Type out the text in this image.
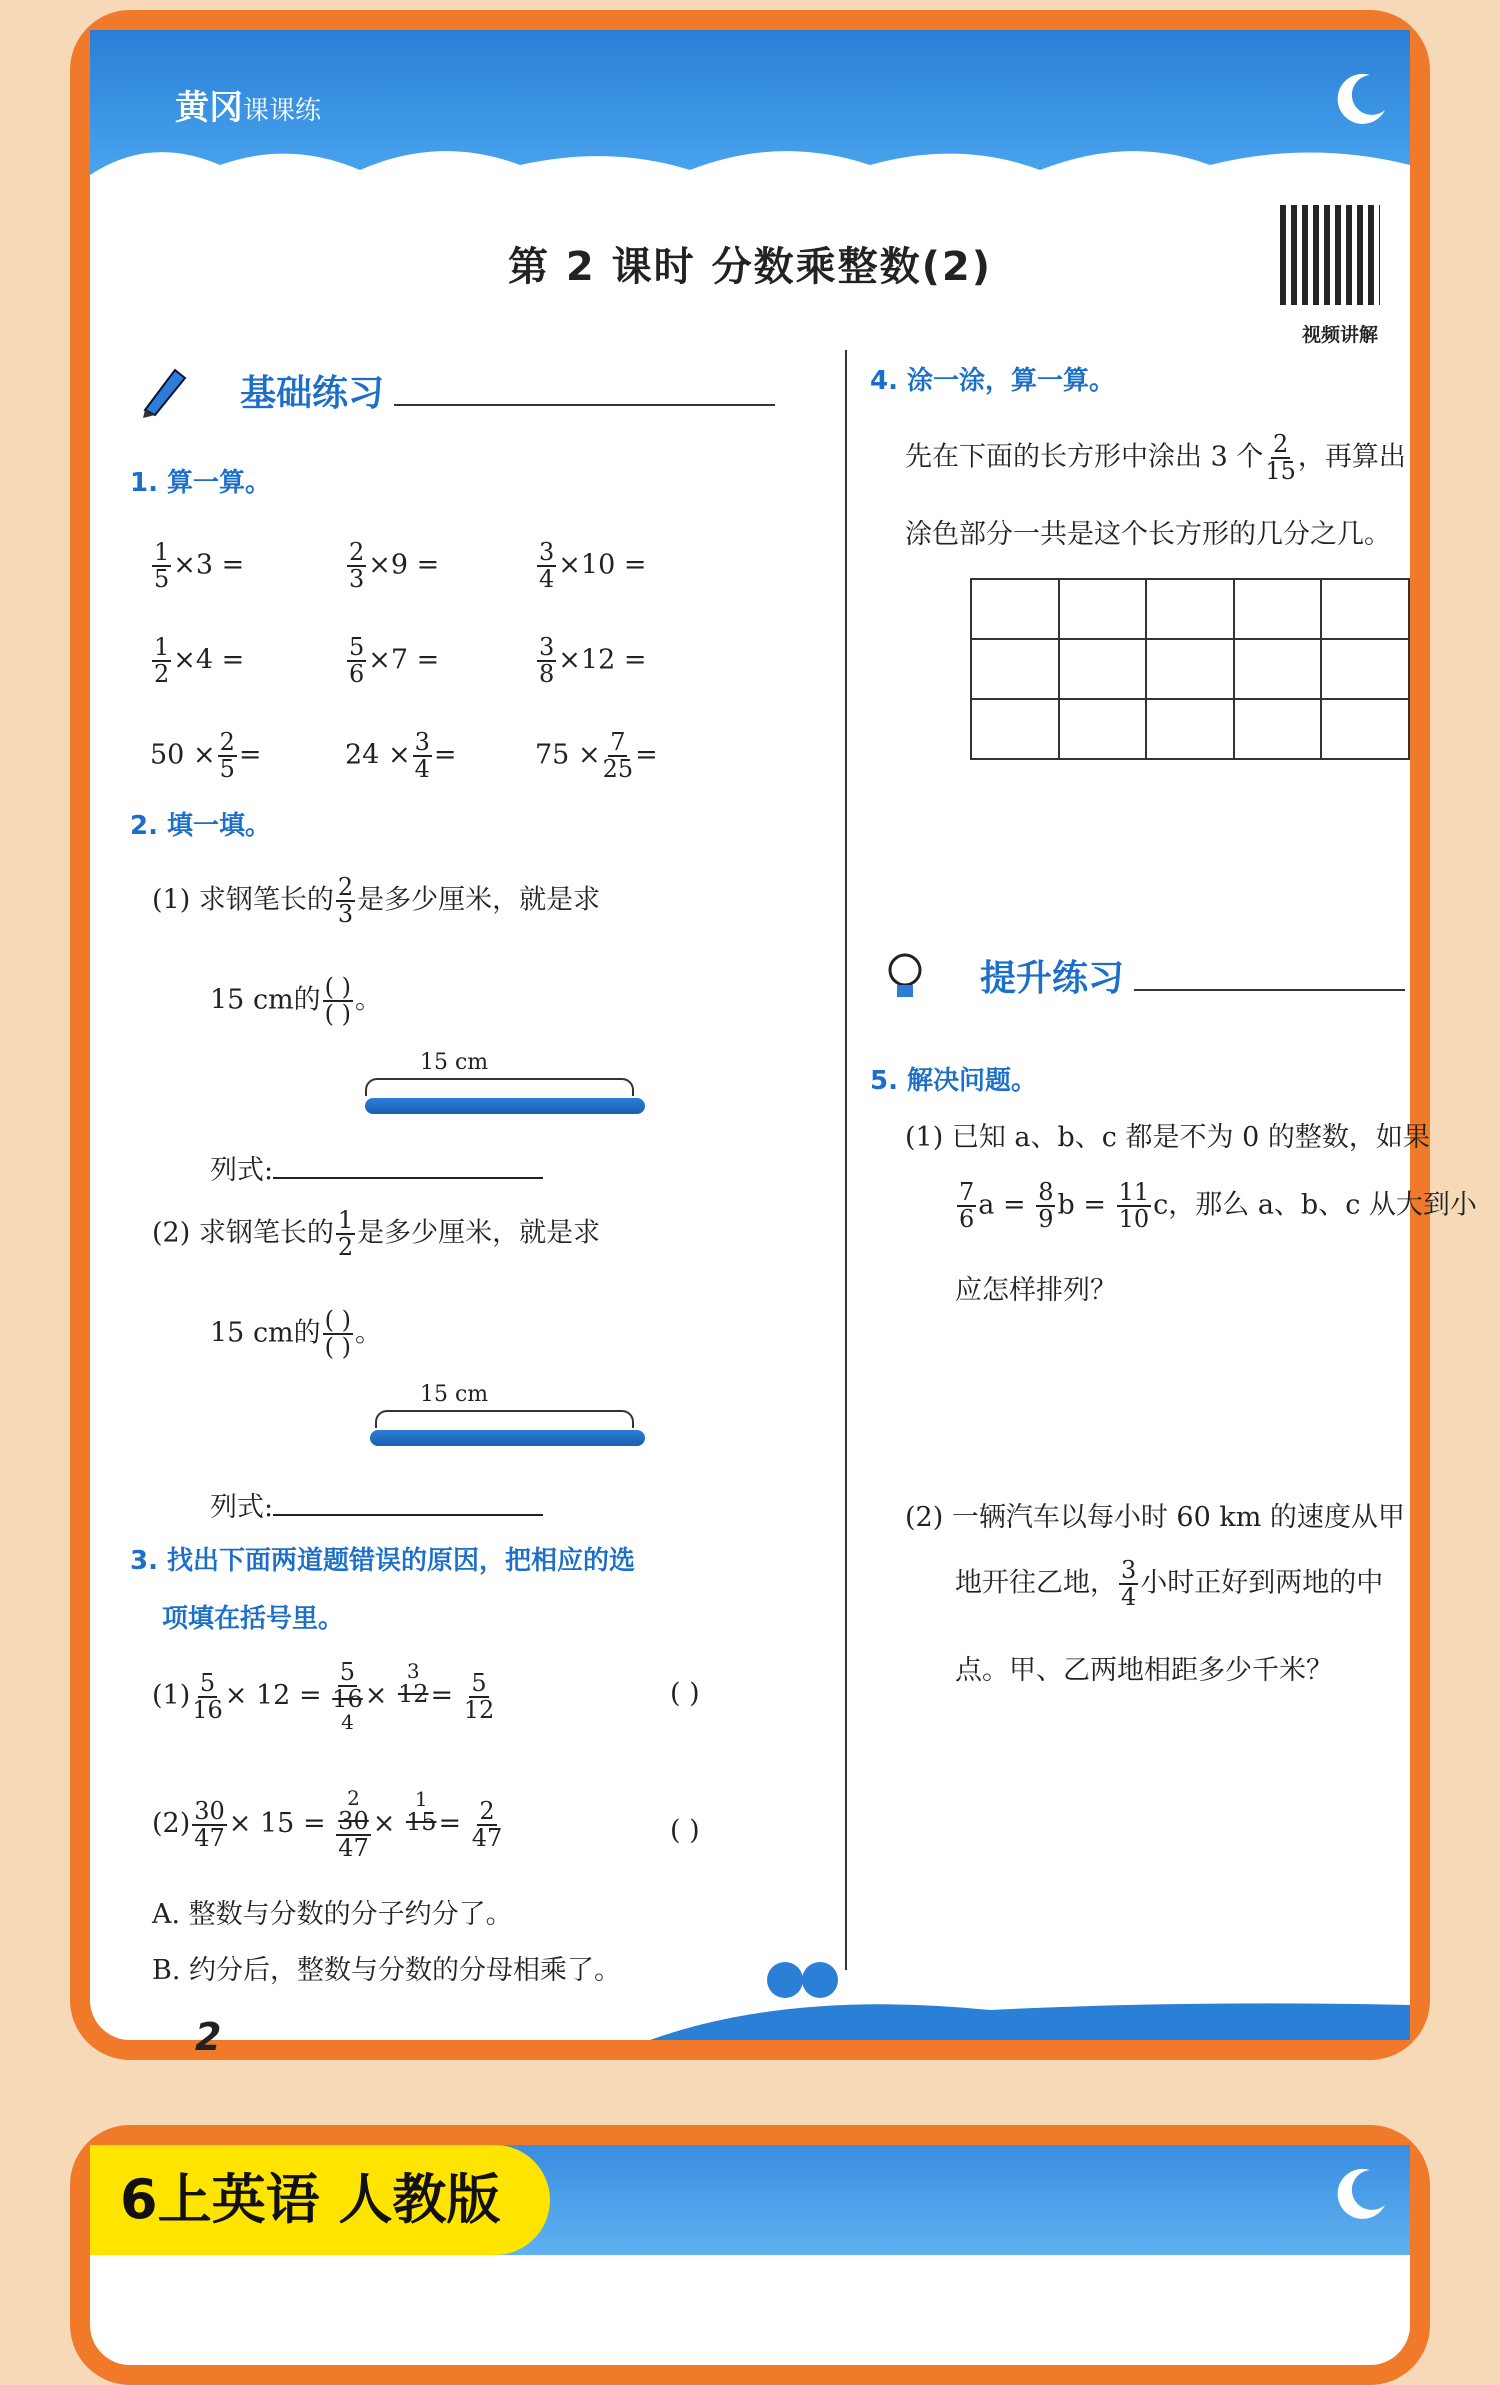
黄冈课课练
第 2 课时 分数乘整数(2)
视频讲解
基础练习
1. 算一算。
$\frac{1}{5} \times 3$ =	$\frac{2}{3} \times 9$ =	$\frac{3}{4} \times 10$ =
$\frac{1}{2} \times 4$ =	$\frac{5}{6} \times 7$ =	$\frac{3}{8} \times 12$ =
$50 \times \frac{2}{5}$ =	$24 \times \frac{3}{4}$ =	$75 \times \frac{7}{25}$ =
2. 填一填。
(1) 求钢笔长的 $\frac{2}{3}$ 是多少厘米，就是求
15 cm的 $\frac{( )}{( )}$ 。
15 cm
列式:
(2) 求钢笔长的 $\frac{1}{2}$ 是多少厘米，就是求
15 cm的 $\frac{( )}{( )}$ 。
15 cm
列式:
3. 找出下面两道题错误的原因，把相应的选
项填在括号里。
$(1) \frac{5}{16} \times 12$ =
5
16
4
×
3
12
= $\frac{5}{12}$	( )
$(2) \frac{30}{47} \times 15$ =
2
30
47
×
1
15
= $\frac{2}{47}$	( )
A. 整数与分数的分子约分了。
B. 约分后，整数与分数的分母相乘了。
4. 涂一涂，算一算。
先在下面的长方形中涂出 3 个 $\frac{2}{15}$ ，再算出
涂色部分一共是这个长方形的几分之几。

提升练习
5. 解决问题。
(1) 已知 a、b、c 都是不为 0 的整数，如果
$\frac{7}{6}$ $a = \frac{8}{9}$ $b = \frac{11}{10}$ c，那么 a、b、c 从大到小
应怎样排列？
(2) 一辆汽车以每小时 60 km 的速度从甲
地开往乙地， $\frac{3}{4}$ 小时正好到两地的中
点。甲、乙两地相距多少千米？
2
6上英语 人教版
